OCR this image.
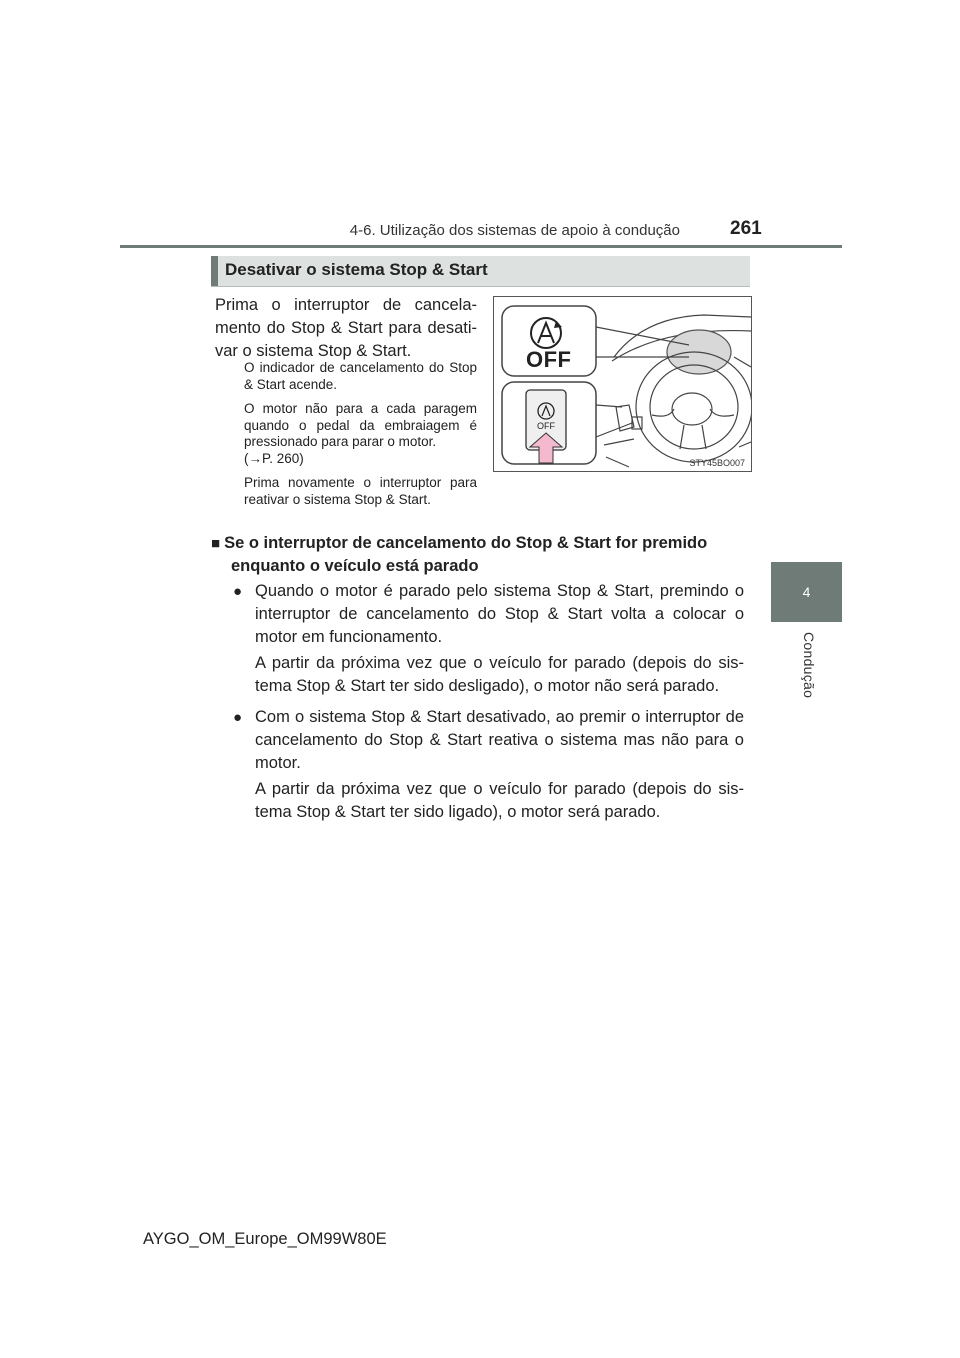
4-6. Utilização dos sistemas de apoio à condução	261
4
Condução
Desativar o sistema Stop & Start
Prima o interruptor de cancela-mento do Stop & Start para desati-var o sistema Stop & Start.

O indicador de cancelamento do Stop & Start acende.

O motor não para a cada paragem quando o pedal da embraiagem é pressionado para parar o motor.
(→P. 260)

Prima novamente o interruptor para reativar o sistema Stop & Start.

OFF
OFF
STY45BO007
■ Se o interruptor de cancelamento do Stop & Start for premido
enquanto o veículo está parado
● Quando o motor é parado pelo sistema Stop & Start, premindo o interruptor de cancelamento do Stop & Start volta a colocar o motor em funcionamento.
A partir da próxima vez que o veículo for parado (depois do sis-tema Stop & Start ter sido desligado), o motor não será parado.
● Com o sistema Stop & Start desativado, ao premir o interruptor de cancelamento do Stop & Start reativa o sistema mas não para o motor.
A partir da próxima vez que o veículo for parado (depois do sis-tema Stop & Start ter sido ligado), o motor será parado.
AYGO_OM_Europe_OM99W80E
